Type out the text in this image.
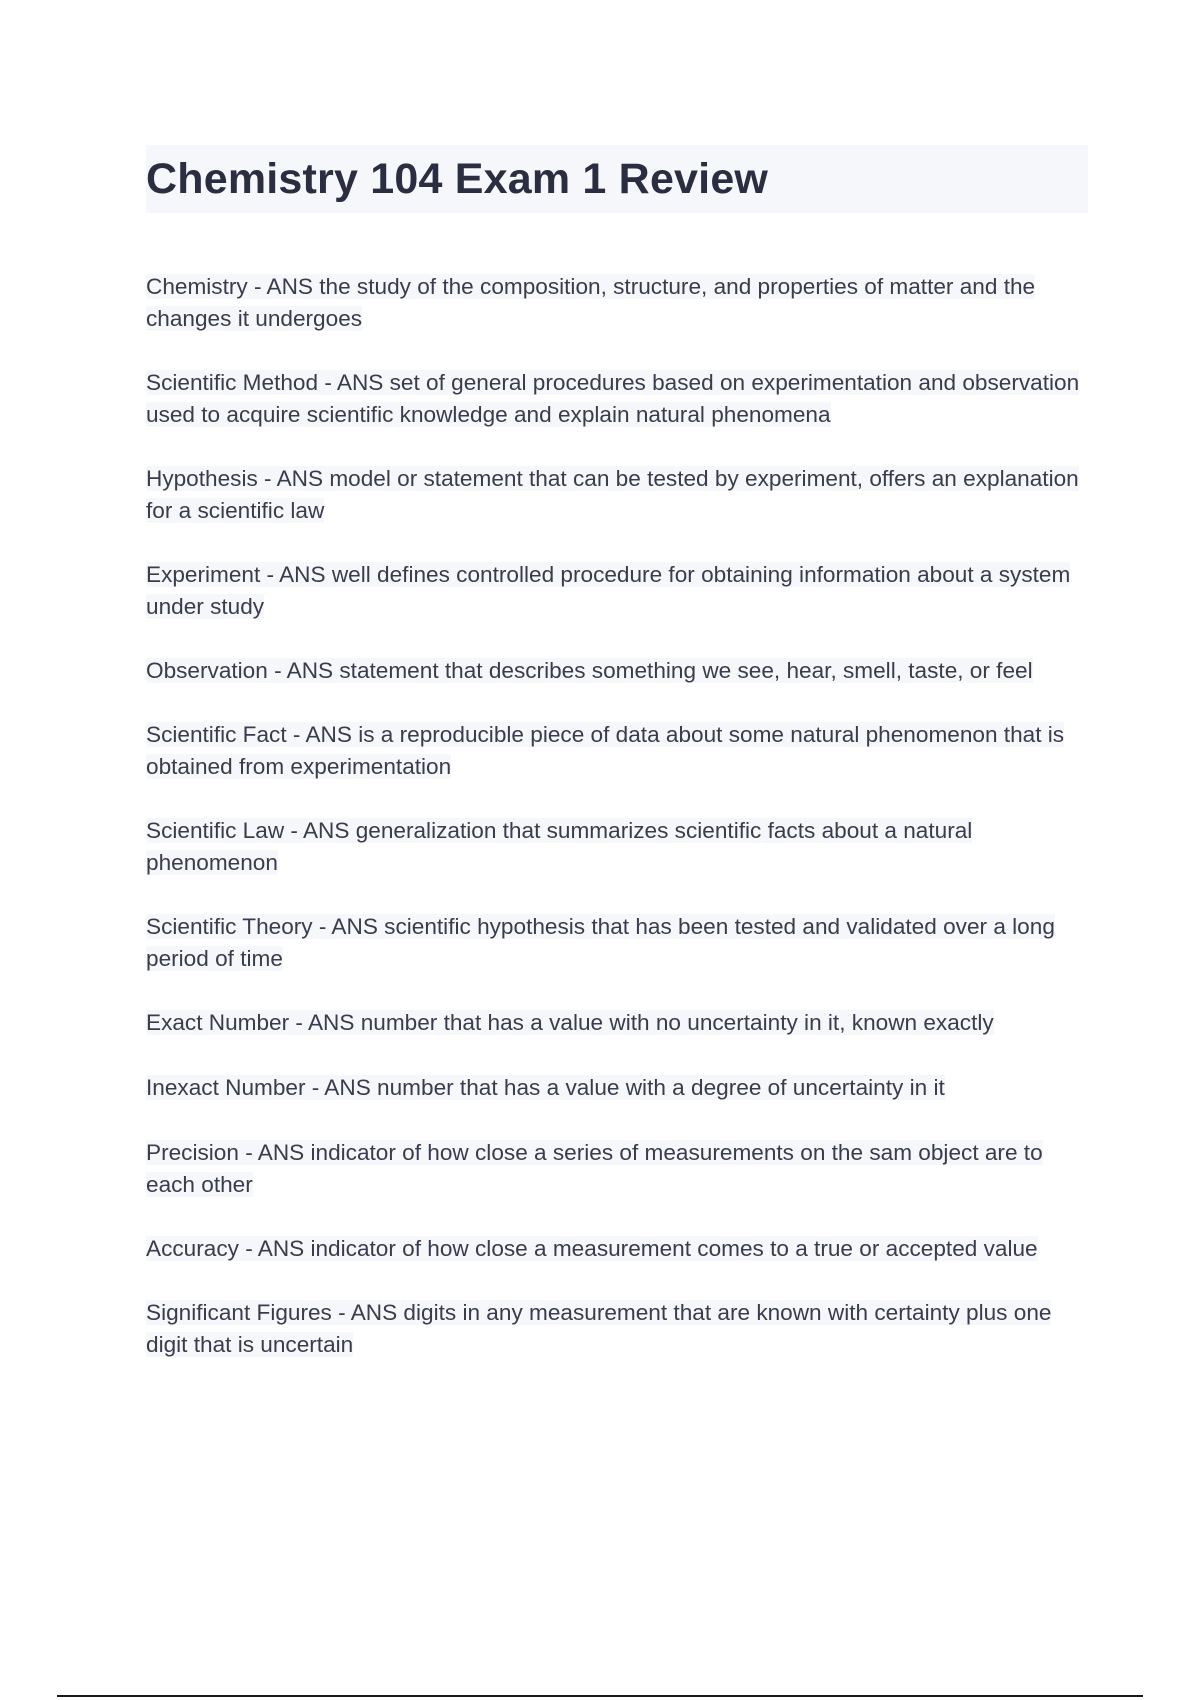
Chemistry 104 Exam 1 Review

Chemistry - ANS the study of the composition, structure, and properties of matter and the changes it undergoes

Scientific Method - ANS set of general procedures based on experimentation and observation used to acquire scientific knowledge and explain natural phenomena

Hypothesis - ANS model or statement that can be tested by experiment, offers an explanation for a scientific law

Experiment - ANS well defines controlled procedure for obtaining information about a system under study

Observation - ANS statement that describes something we see, hear, smell, taste, or feel

Scientific Fact - ANS is a reproducible piece of data about some natural phenomenon that is obtained from experimentation

Scientific Law - ANS generalization that summarizes scientific facts about a natural phenomenon

Scientific Theory - ANS scientific hypothesis that has been tested and validated over a long period of time

Exact Number - ANS number that has a value with no uncertainty in it, known exactly

Inexact Number - ANS number that has a value with a degree of uncertainty in it

Precision - ANS indicator of how close a series of measurements on the sam object are to each other

Accuracy - ANS indicator of how close a measurement comes to a true or accepted value

Significant Figures - ANS digits in any measurement that are known with certainty plus one digit that is uncertain
